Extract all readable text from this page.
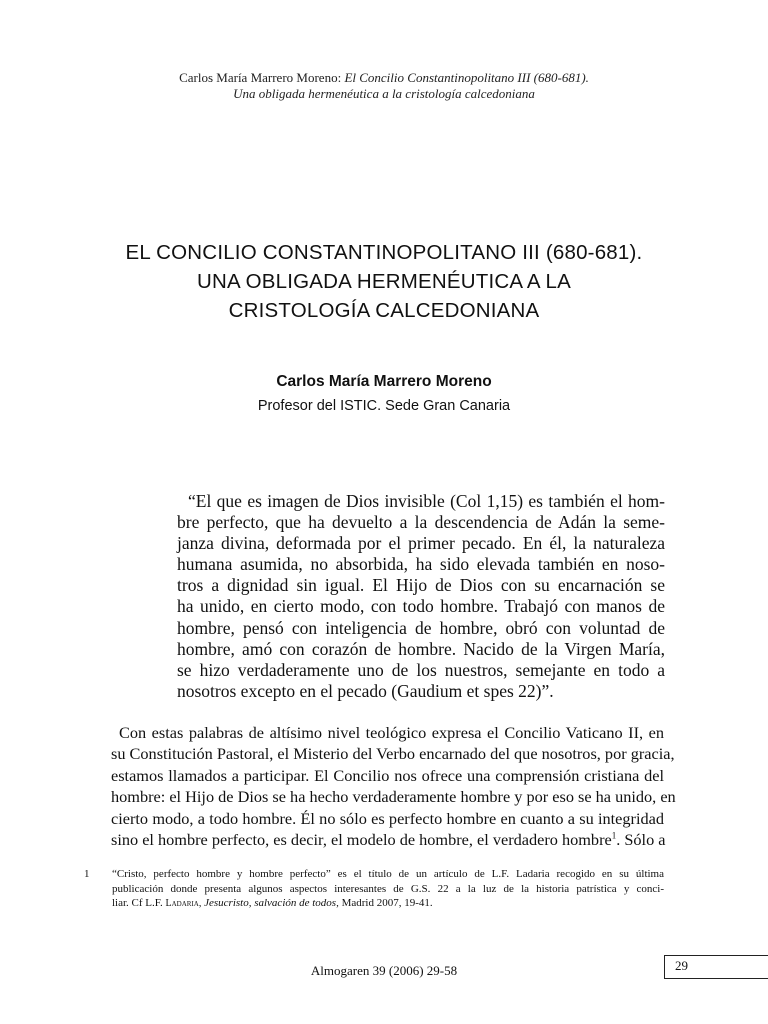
Carlos María Marrero Moreno: El Concilio Constantinopolitano III (680-681).
Una obligada hermenéutica a la cristología calcedoniana
EL CONCILIO CONSTANTINOPOLITANO III (680-681).
UNA OBLIGADA HERMENÉUTICA A LA
CRISTOLOGÍA CALCEDONIANA
Carlos María Marrero Moreno
Profesor del ISTIC. Sede Gran Canaria
“El que es imagen de Dios invisible (Col 1,15) es también el hom-
bre perfecto, que ha devuelto a la descendencia de Adán la seme-
janza divina, deformada por el primer pecado. En él, la naturaleza
humana asumida, no absorbida, ha sido elevada también en noso-
tros a dignidad sin igual. El Hijo de Dios con su encarnación se
ha unido, en cierto modo, con todo hombre. Trabajó con manos de
hombre, pensó con inteligencia de hombre, obró con voluntad de
hombre, amó con corazón de hombre. Nacido de la Virgen María,
se hizo verdaderamente uno de los nuestros, semejante en todo a
nosotros excepto en el pecado (Gaudium et spes 22)”.
Con estas palabras de altísimo nivel teológico expresa el Concilio Vaticano II, en
su Constitución Pastoral, el Misterio del Verbo encarnado del que nosotros, por gracia,
estamos llamados a participar. El Concilio nos ofrece una comprensión cristiana del
hombre: el Hijo de Dios se ha hecho verdaderamente hombre y por eso se ha unido, en
cierto modo, a todo hombre. Él no sólo es perfecto hombre en cuanto a su integridad
sino el hombre perfecto, es decir, el modelo de hombre, el verdadero hombre$^1$. Sólo a
1	“Cristo, perfecto hombre y hombre perfecto” es el título de un artículo de L.F. Ladaria recogido en su última
publicación donde presenta algunos aspectos interesantes de G.S. 22 a la luz de la historia patrística y conci-
liar. Cf L.F. Ladaria, Jesucristo, salvación de todos, Madrid 2007, 19-41.
Almogaren 39 (2006) 29-58	29
